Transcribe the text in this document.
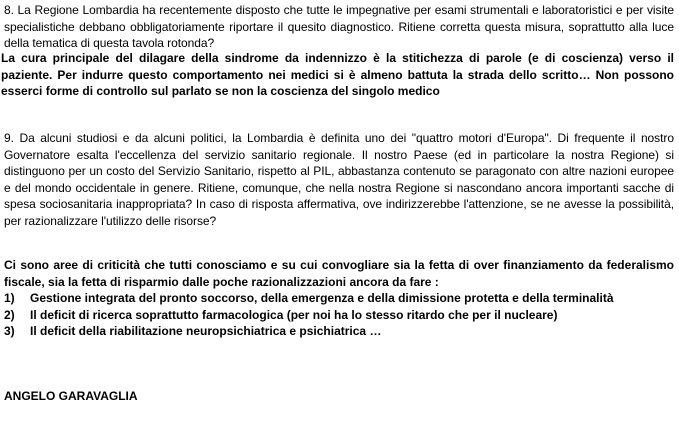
8. La Regione Lombardia ha recentemente disposto che tutte le impegnative per esami strumentali e laboratoristici e per visite specialistiche debbano obbligatoriamente riportare il quesito diagnostico. Ritiene corretta questa misura, soprattutto alla luce della tematica di questa tavola rotonda?

La cura principale del dilagare della sindrome da indennizzo è la stitichezza di parole (e di coscienza) verso il paziente. Per indurre questo comportamento nei medici si è almeno battuta la strada dello scritto… Non possono esserci forme di controllo sul parlato se non la coscienza del singolo medico

9. Da alcuni studiosi e da alcuni politici, la Lombardia è definita uno dei "quattro motori d'Europa". Di frequente il nostro Governatore esalta l'eccellenza del servizio sanitario regionale. Il nostro Paese (ed in particolare la nostra Regione) si distinguono per un costo del Servizio Sanitario, rispetto al PIL, abbastanza contenuto se paragonato con altre nazioni europee e del mondo occidentale in genere. Ritiene, comunque, che nella nostra Regione si nascondano ancora importanti sacche di spesa sociosanitaria inappropriata? In caso di risposta affermativa, ove indirizzerebbe l'attenzione, se ne avesse la possibilità, per razionalizzare l'utilizzo delle risorse?

Ci sono aree di criticità che tutti conosciamo e su cui convogliare sia la fetta di over finanziamento da federalismo fiscale, sia la fetta di risparmio dalle poche razionalizzazioni ancora da fare :

1) Gestione integrata del pronto soccorso, della emergenza e della dimissione protetta e della terminalità
2) Il deficit di ricerca soprattutto farmacologica (per noi ha lo stesso ritardo che per il nucleare)
3) Il deficit della riabilitazione neuropsichiatrica e psichiatrica …

ANGELO GARAVAGLIA
